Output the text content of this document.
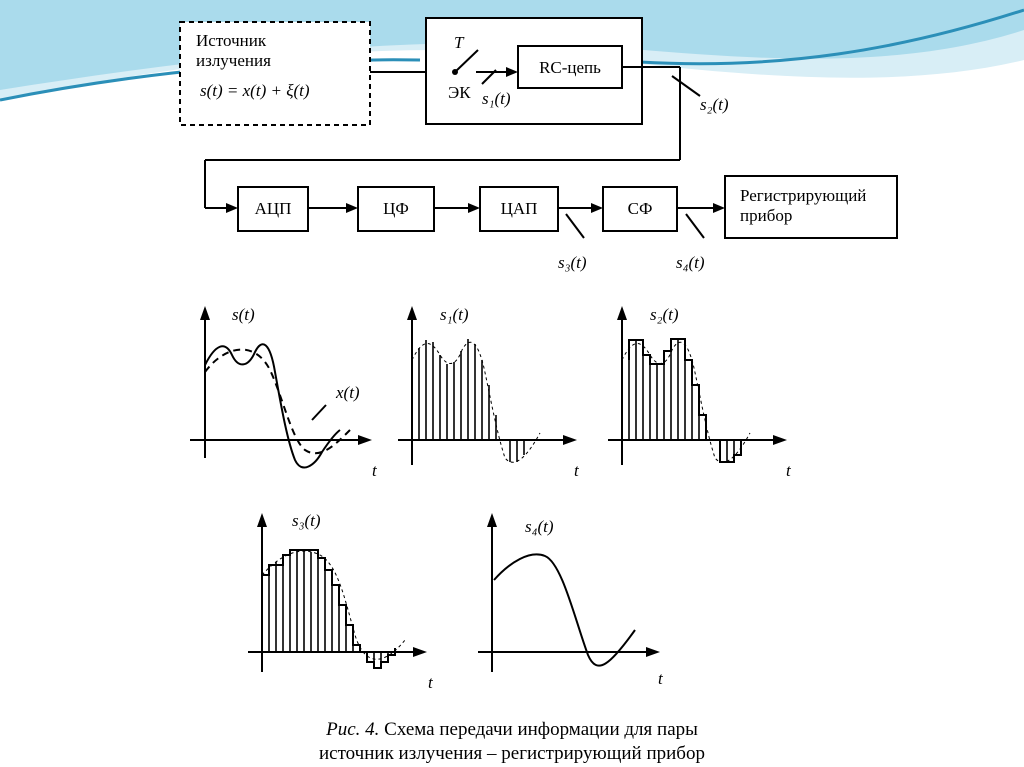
Источник
излучения
s(t) = x(t) + ξ(t)
T
ЭК s₁(t)
RC-цепь
s₂(t)
АЦП	ЦФ	ЦАП
s₃(t)
СФ
s₄(t)
Регистрирующий
прибор
s(t)
x(t)
t
s₁(t)
t
s₂(t)
t
s₃(t)
t
s₄(t)
t
Рис. 4. Схема передачи информации для пары
источник излучения – регистрирующий прибор
